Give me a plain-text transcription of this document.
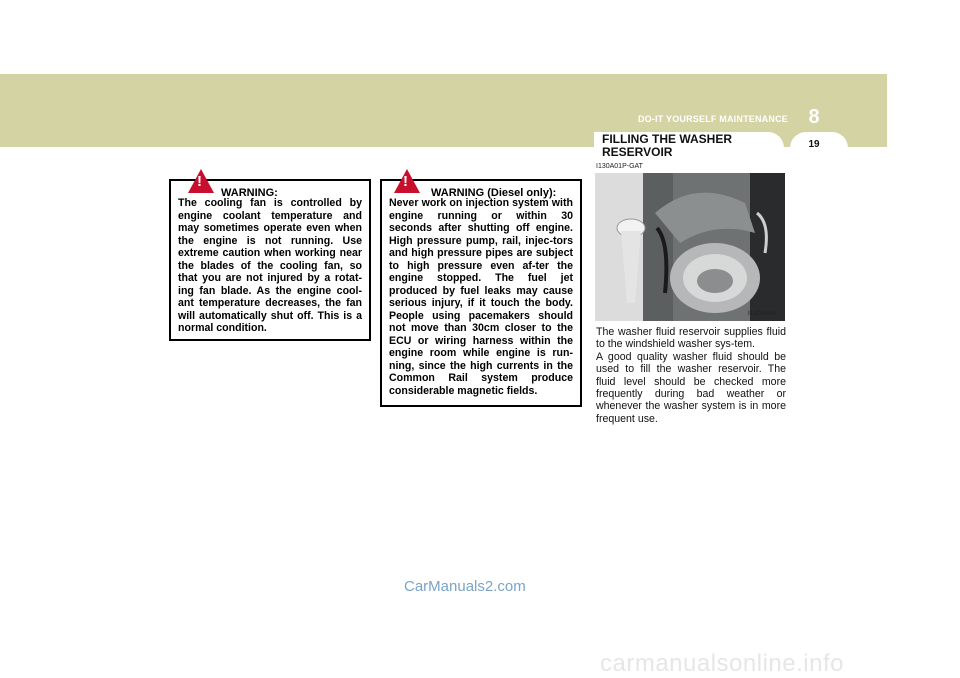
DO-IT YOURSELF MAINTENANCE	8
FILLING THE WASHER RESERVOIR
19
!
WARNING:
The cooling fan is controlled by engine coolant temperature and may sometimes operate even when the engine is not running. Use extreme caution when working near the blades of the cooling fan, so that you are not injured by a rotat-ing fan blade. As the engine cool-ant temperature decreases, the fan will automatically shut off. This is a normal condition.
!
WARNING (Diesel only):
Never work on injection system with engine running or within 30 seconds after shutting off engine. High pressure pump, rail, injec-tors and high pressure pipes are subject to high pressure even af-ter the engine stopped. The fuel jet produced by fuel leaks may cause serious injury, if it touch the body. People using pacemakers should not move than 30cm closer to the ECU or wiring harness within the engine room while engine is run-ning, since the high currents in the Common Rail system produce considerable magnetic fields.
I130A01P-GAT
I130A01P

The washer fluid reservoir supplies fluid to the windshield washer sys-tem.

A good quality washer fluid should be used to fill the washer reservoir. The fluid level should be checked more frequently during bad weather or whenever the washer system is in more frequent use.

CarManuals2.com
carmanualsonline.info
